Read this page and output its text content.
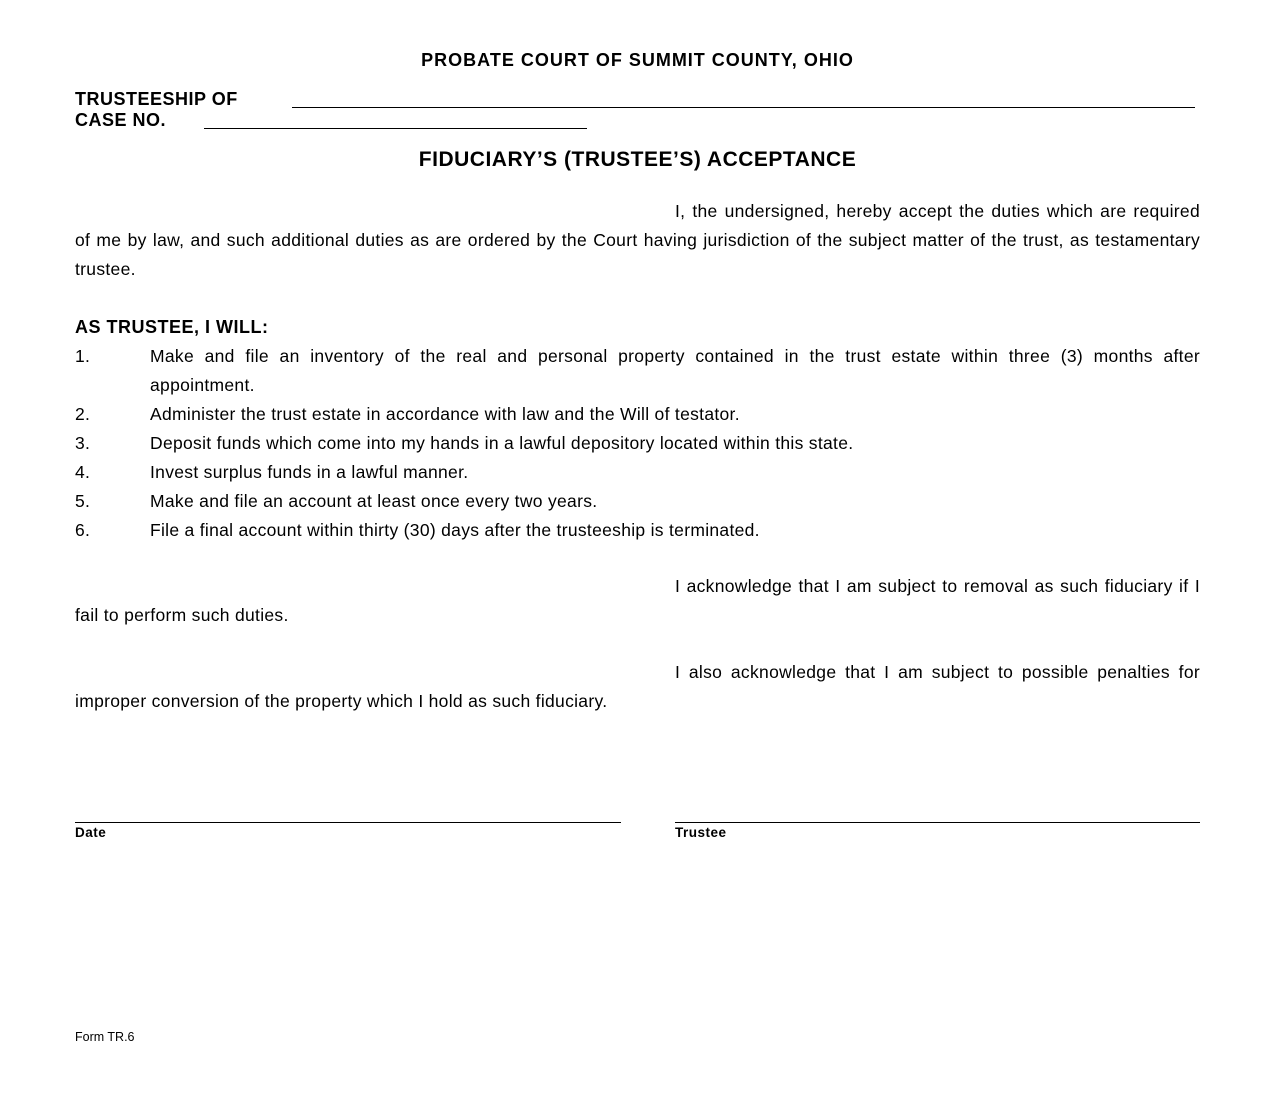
PROBATE COURT OF SUMMIT COUNTY, OHIO
TRUSTEESHIP OF
CASE NO.
FIDUCIARY’S (TRUSTEE’S) ACCEPTANCE
I, the undersigned, hereby accept the duties which are required of me by law, and such additional duties as are ordered by the Court having jurisdiction of the subject matter of the trust, as testamentary trustee.
AS TRUSTEE, I WILL:
1.	Make and file an inventory of the real and personal property contained in the trust estate within three (3) months after appointment.
2.	Administer the trust estate in accordance with law and the Will of testator.
3.	Deposit funds which come into my hands in a lawful depository located within this state.
4.	Invest surplus funds in a lawful manner.
5.	Make and file an account at least once every two years.
6.	File a final account within thirty (30) days after the trusteeship is terminated.
I acknowledge that I am subject to removal as such fiduciary if I fail to perform such duties.
I also acknowledge that I am subject to possible penalties for improper conversion of the property which I hold as such fiduciary.
Date	Trustee
Form TR.6
